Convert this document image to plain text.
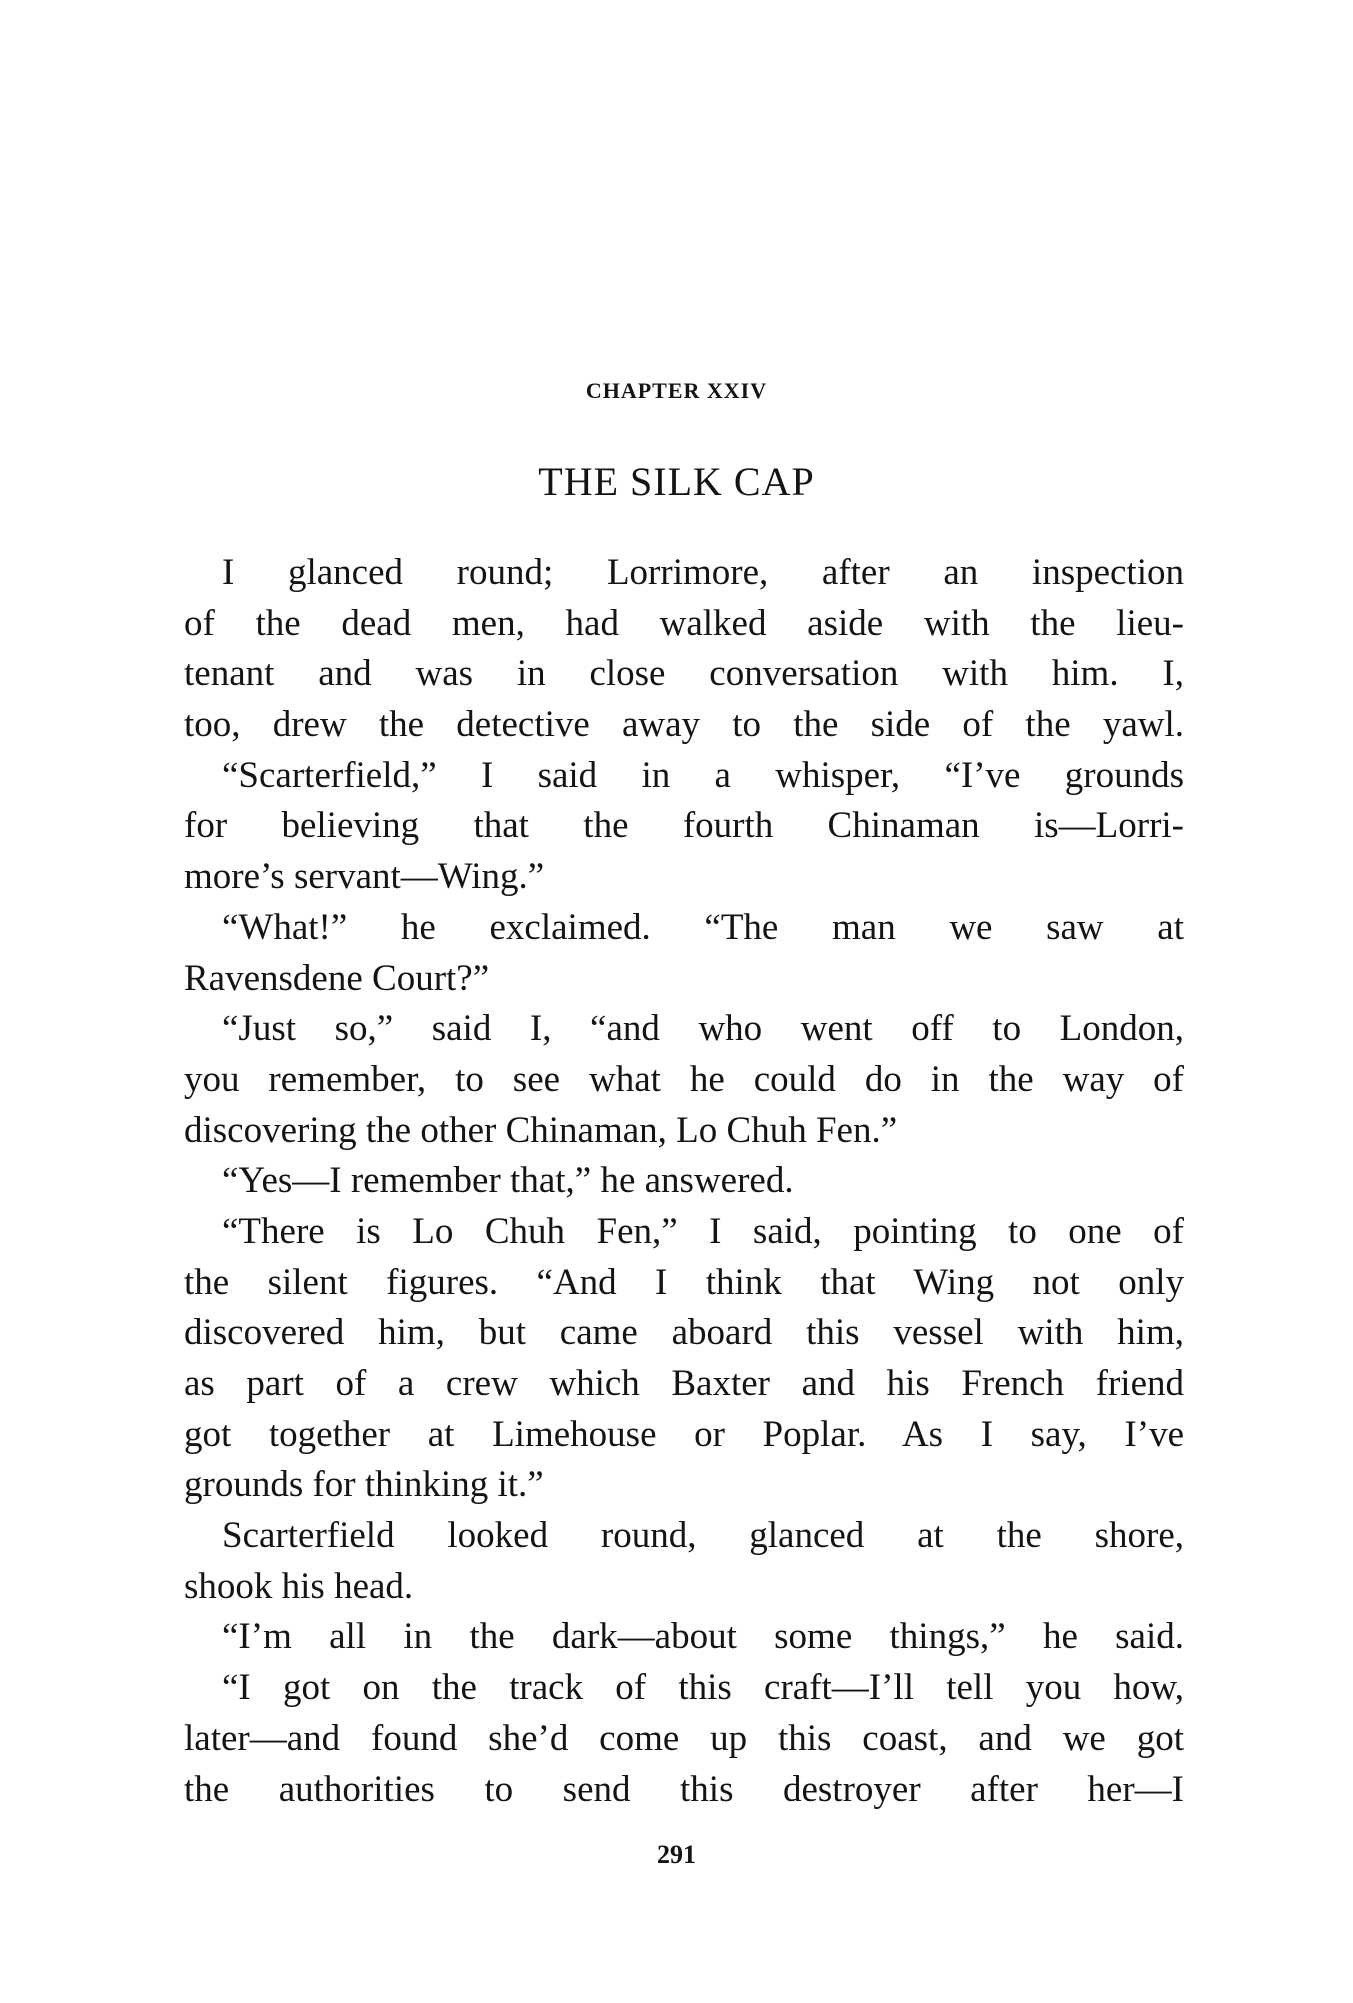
CHAPTER XXIV
THE SILK CAP
I glanced round; Lorrimore, after an inspection
of the dead men, had walked aside with the lieu-
tenant and was in close conversation with him. I,
too, drew the detective away to the side of the yawl.
“Scarterfield,” I said in a whisper, “I’ve grounds
for believing that the fourth Chinaman is—Lorri-
more’s servant—Wing.”
“What!” he exclaimed. “The man we saw at
Ravensdene Court?”
“Just so,” said I, “and who went off to London,
you remember, to see what he could do in the way of
discovering the other Chinaman, Lo Chuh Fen.”
“Yes—I remember that,” he answered.
“There is Lo Chuh Fen,” I said, pointing to one of
the silent figures. “And I think that Wing not only
discovered him, but came aboard this vessel with him,
as part of a crew which Baxter and his French friend
got together at Limehouse or Poplar. As I say, I’ve
grounds for thinking it.”
Scarterfield looked round, glanced at the shore,
shook his head.
“I’m all in the dark—about some things,” he said.
“I got on the track of this craft—I’ll tell you how,
later—and found she’d come up this coast, and we got
the authorities to send this destroyer after her—I
291
